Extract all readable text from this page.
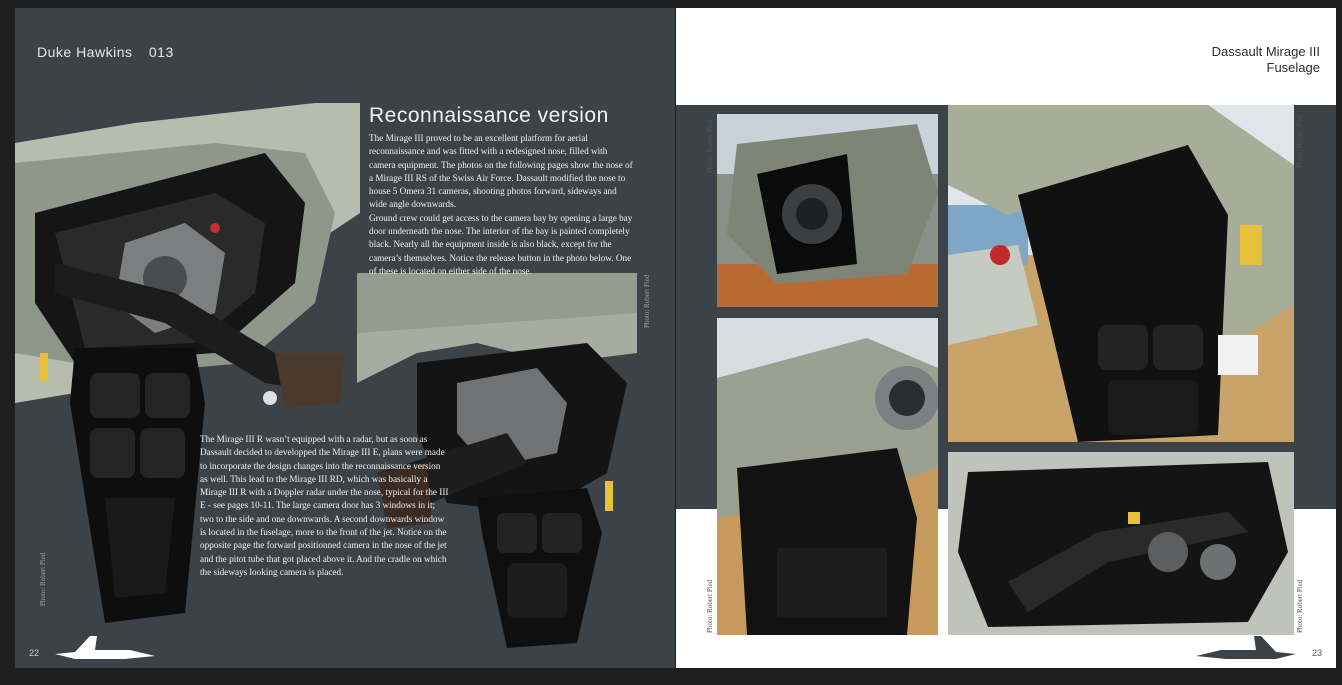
Duke Hawkins 013
Reconnaissance version

The Mirage III proved to be an excellent platform for aerial reconnaissance and was fitted with a redesigned nose, filled with camera equipment. The photos on the following pages show the nose of a Mirage III RS of the Swiss Air Force. Dassault modified the nose to house 5 Omera 31 cameras, shooting photos forward, sideways and wide angle downwards.
Ground crew could get access to the camera bay by opening a large bay door underneath the nose. The interior of the bay is painted completely black. Nearly all the equipment inside is also black, except for the camera’s themselves. Notice the release button in the photo below. One of these is located on either side of the nose.

The Mirage III R wasn’t equipped with a radar, but as soon as Dassault decided to developped the Mirage III E, plans were made to incorporate the design changes into the reconnaissance version as well. This lead to the Mirage III RD, which was basically a Mirage III R with a Doppler radar under the nose, typical for the III E - see pages 10-11. The large camera door has 3 windows in it; two to the side and one downwards. A second downwards window is located in the fuselage, more to the front of the jet. Notice on the opposite page the forward positionned camera in the nose of the jet and the pitot tube that got placed above it. And the cradle on which the sideways looking camera is placed.

Photo: Robert Pied
Photo: Robert Pied
22
Dassault Mirage III
Fuselage
Photo: Robert Pied	Photo: Robert Pied
Photo: Robert Pied	Photo: Robert Pied
23
